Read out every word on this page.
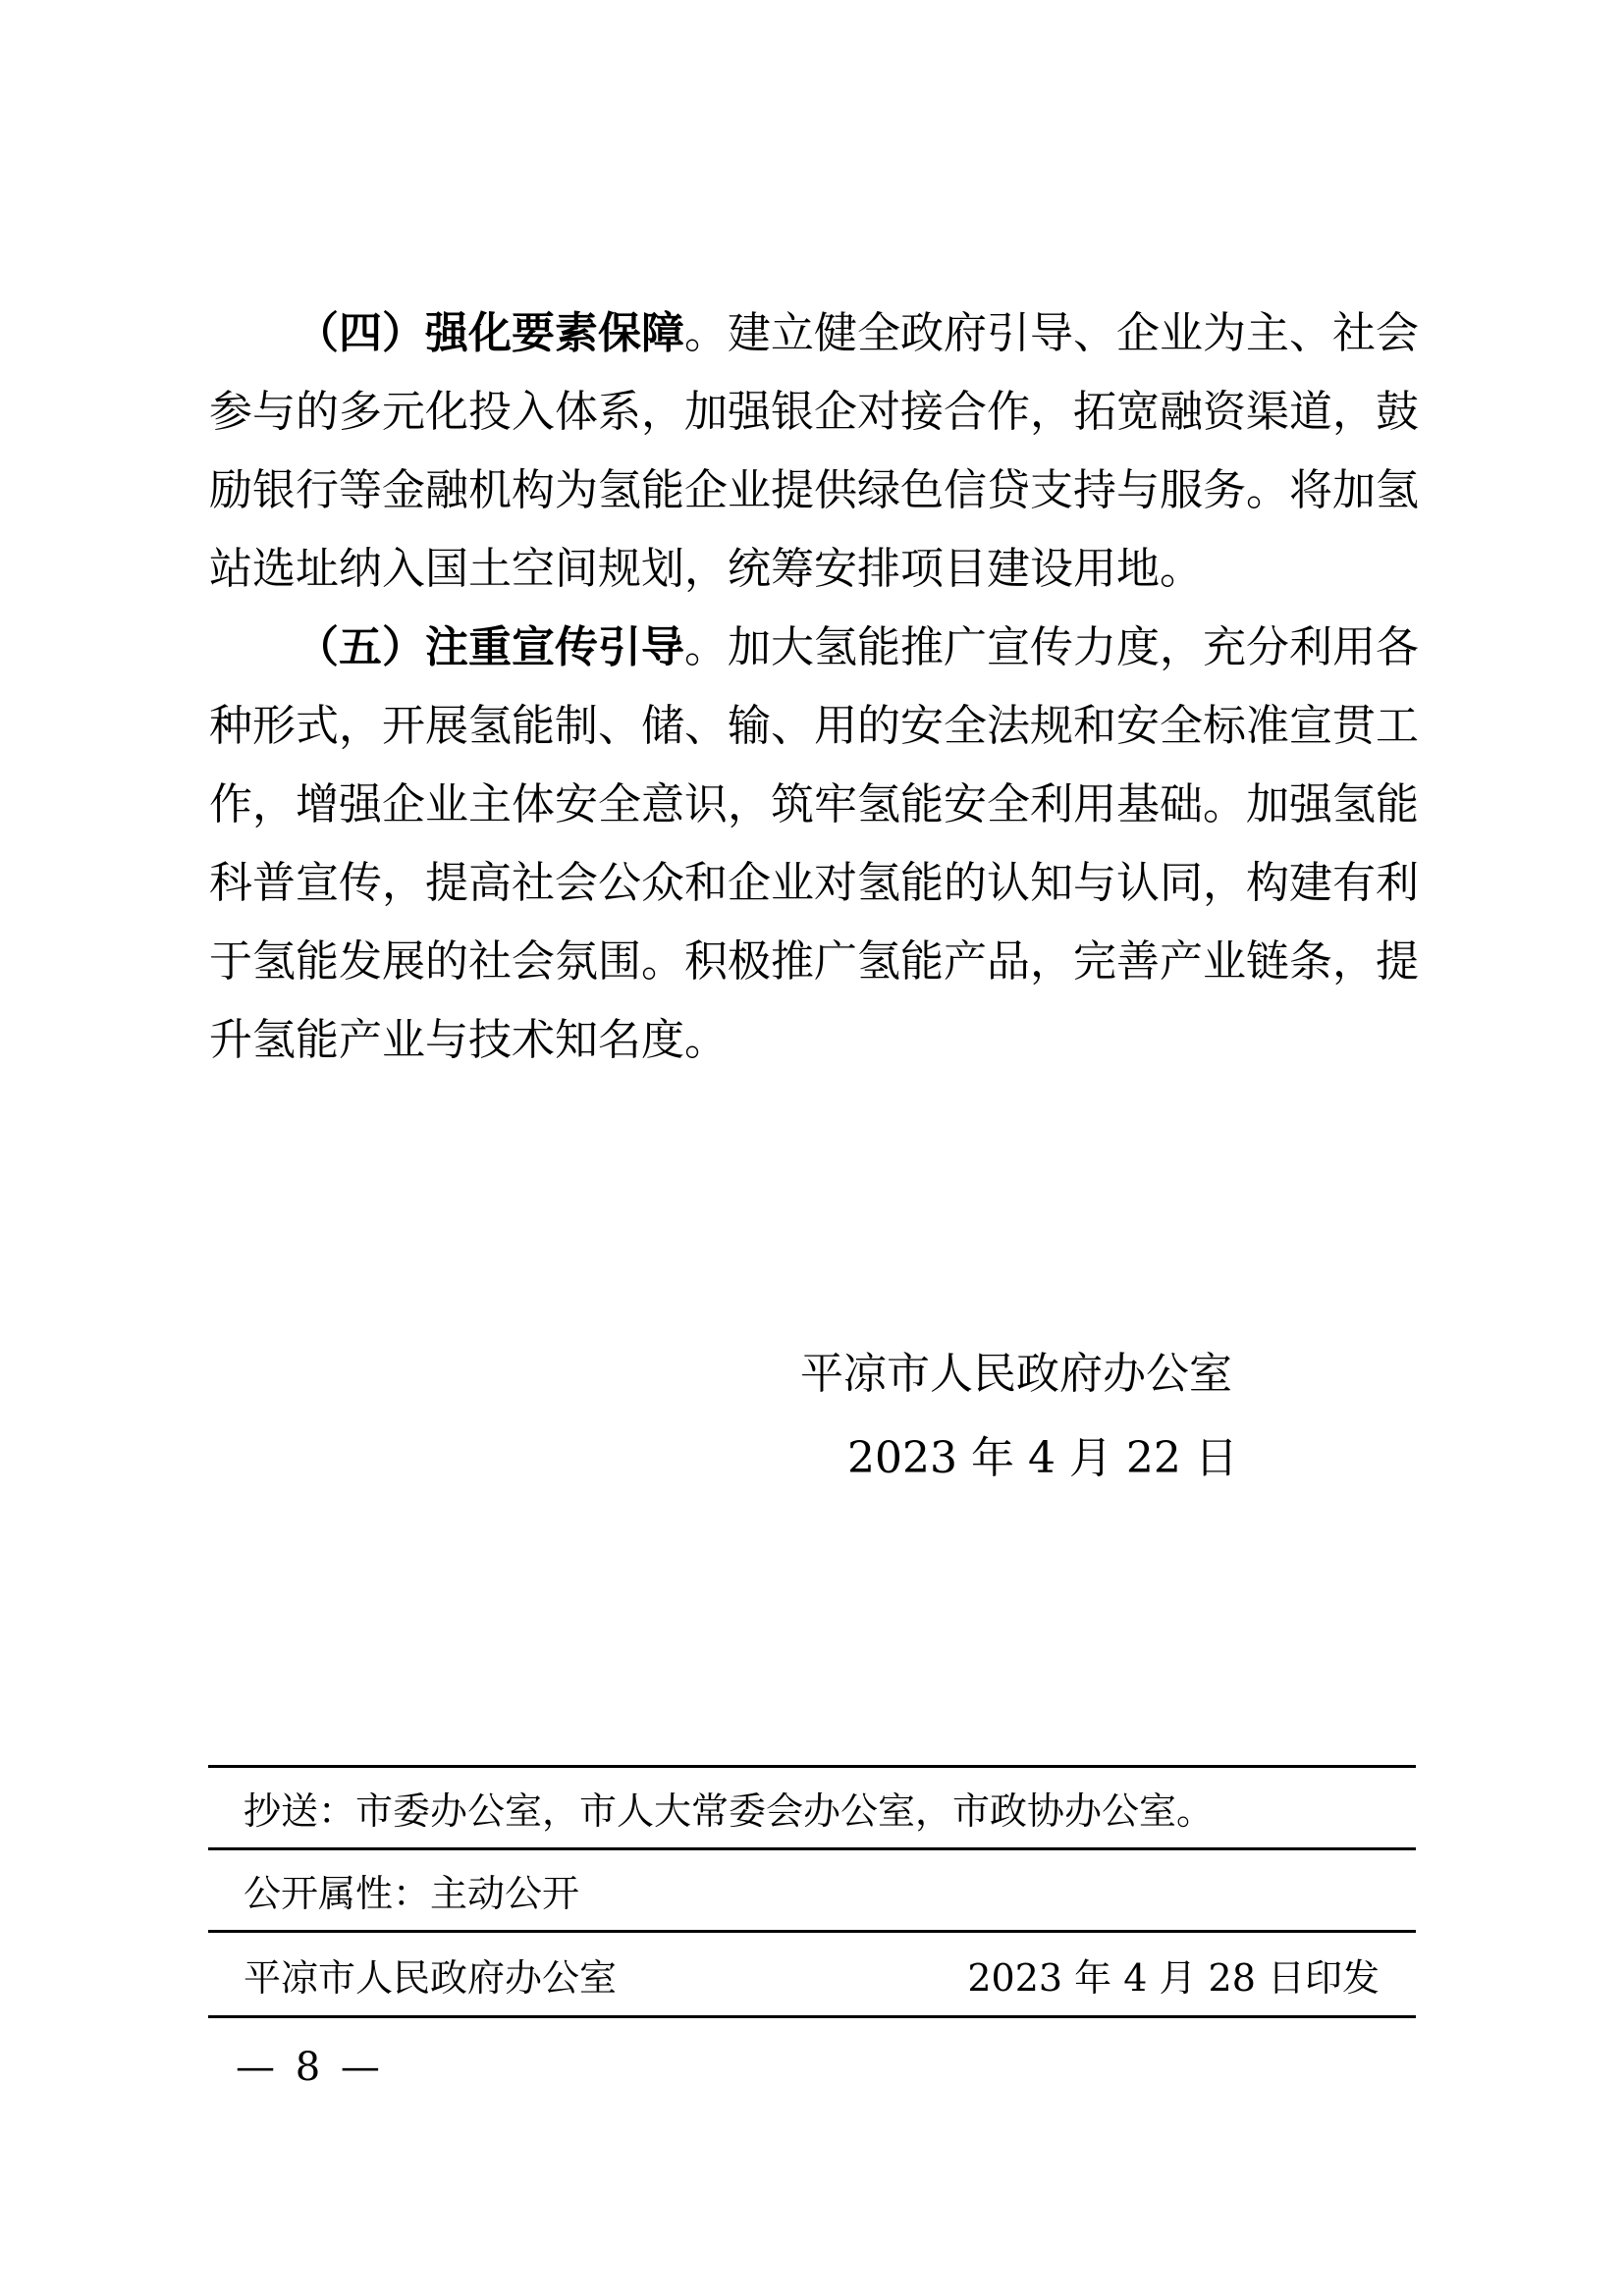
（四）强化要素保障。建立健全政府引导、企业为主、社会
参与的多元化投入体系，加强银企对接合作，拓宽融资渠道，鼓
励银行等金融机构为氢能企业提供绿色信贷支持与服务。将加氢
站选址纳入国土空间规划，统筹安排项目建设用地。
（五）注重宣传引导。加大氢能推广宣传力度，充分利用各
种形式，开展氢能制、储、输、用的安全法规和安全标准宣贯工
作，增强企业主体安全意识，筑牢氢能安全利用基础。加强氢能
科普宣传，提高社会公众和企业对氢能的认知与认同，构建有利
于氢能发展的社会氛围。积极推广氢能产品，完善产业链条，提
升氢能产业与技术知名度。
平凉市人民政府办公室
2023 年 4 月 22 日
抄送：市委办公室，市人大常委会办公室，市政协办公室。
公开属性：主动公开
平凉市人民政府办公室	2023 年 4 月 28 日印发
— 8 —
